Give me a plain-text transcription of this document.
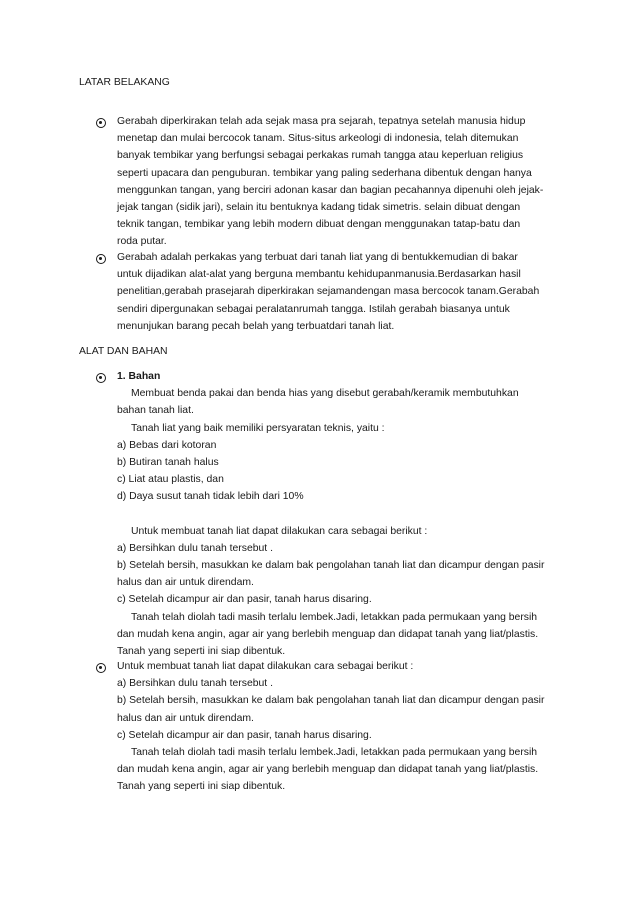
LATAR BELAKANG
Gerabah diperkirakan telah ada sejak masa pra sejarah, tepatnya setelah manusia hidup
menetap dan mulai bercocok tanam. Situs-situs arkeologi di indonesia, telah ditemukan
banyak tembikar yang berfungsi sebagai perkakas rumah tangga atau keperluan religius
seperti upacara dan penguburan. tembikar yang paling sederhana dibentuk dengan hanya
menggunkan tangan, yang berciri adonan kasar dan bagian pecahannya dipenuhi oleh jejak-
jejak tangan (sidik jari), selain itu bentuknya kadang tidak simetris. selain dibuat dengan
teknik tangan, tembikar yang lebih modern dibuat dengan menggunakan tatap-batu dan
roda putar.
Gerabah adalah perkakas yang terbuat dari tanah liat yang di bentukkemudian di bakar
untuk dijadikan alat-alat yang berguna membantu kehidupanmanusia.Berdasarkan hasil
penelitian,gerabah prasejarah diperkirakan sejamandengan masa bercocok tanam.Gerabah
sendiri dipergunakan sebagai peralatanrumah tangga. Istilah gerabah biasanya untuk
menunjukan barang pecah belah yang terbuatdari tanah liat.
ALAT DAN BAHAN
1. Bahan
Membuat benda pakai dan benda hias yang disebut gerabah/keramik membutuhkan
bahan tanah liat.
Tanah liat yang baik memiliki persyaratan teknis, yaitu :
a) Bebas dari kotoran
b) Butiran tanah halus
c) Liat atau plastis, dan
d) Daya susut tanah tidak lebih dari 10%
Untuk membuat tanah liat dapat dilakukan cara sebagai berikut :
a) Bersihkan dulu tanah tersebut .
b) Setelah bersih, masukkan ke dalam bak pengolahan tanah liat dan dicampur dengan pasir
halus dan air untuk direndam.
c) Setelah dicampur air dan pasir, tanah harus disaring.
Tanah telah diolah tadi masih terlalu lembek.Jadi, letakkan pada permukaan yang bersih
dan mudah kena angin, agar air yang berlebih menguap dan didapat tanah yang liat/plastis.
Tanah yang seperti ini siap dibentuk.
Untuk membuat tanah liat dapat dilakukan cara sebagai berikut :
a) Bersihkan dulu tanah tersebut .
b) Setelah bersih, masukkan ke dalam bak pengolahan tanah liat dan dicampur dengan pasir
halus dan air untuk direndam.
c) Setelah dicampur air dan pasir, tanah harus disaring.
Tanah telah diolah tadi masih terlalu lembek.Jadi, letakkan pada permukaan yang bersih
dan mudah kena angin, agar air yang berlebih menguap dan didapat tanah yang liat/plastis.
Tanah yang seperti ini siap dibentuk.
